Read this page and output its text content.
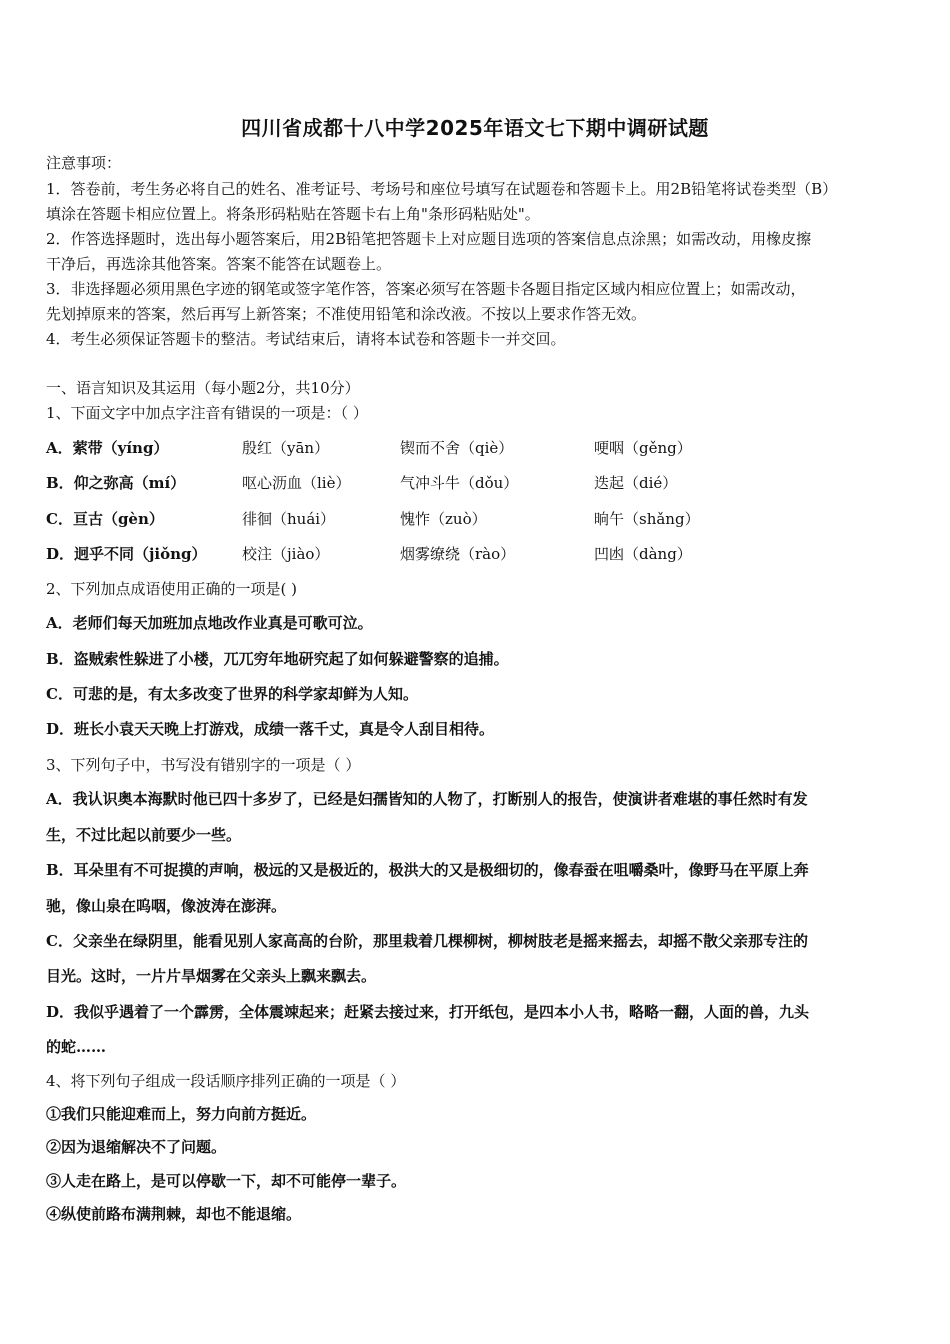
四川省成都十八中学2025年语文七下期中调研试题
注意事项：
1．答卷前，考生务必将自己的姓名、准考证号、考场号和座位号填写在试题卷和答题卡上。用2B铅笔将试卷类型（B）
填涂在答题卡相应位置上。将条形码粘贴在答题卡右上角"条形码粘贴处"。
2．作答选择题时，选出每小题答案后，用2B铅笔把答题卡上对应题目选项的答案信息点涂黑；如需改动，用橡皮擦
干净后，再选涂其他答案。答案不能答在试题卷上。
3．非选择题必须用黑色字迹的钢笔或签字笔作答，答案必须写在答题卡各题目指定区域内相应位置上；如需改动，
先划掉原来的答案，然后再写上新答案；不准使用铅笔和涂改液。不按以上要求作答无效。
4．考生必须保证答题卡的整洁。考试结束后，请将本试卷和答题卡一并交回。
一、语言知识及其运用（每小题2分，共10分）
1、下面文字中加点字注音有错误的一项是：（ ）
A．萦带（yíng）	殷红（yān）	锲而不舍（qiè）	哽咽（gěng）
B．仰之弥高（mí）	呕心沥血（liè）	气冲斗牛（dǒu）	迭起（dié）
C．亘古（gèn）	徘徊（huái）	愧怍（zuò）	晌午（shǎng）
D．迥乎不同（jiǒng） 校注（jiào）	烟雾缭绕（rào）	凹凼（dàng）
2、下列加点成语使用正确的一项是( )
A．老师们每天加班加点地改作业真是可歌可泣。
B．盗贼索性躲进了小楼，兀兀穷年地研究起了如何躲避警察的追捕。
C．可悲的是，有太多改变了世界的科学家却鲜为人知。
D．班长小袁天天晚上打游戏，成绩一落千丈，真是令人刮目相待。
3、下列句子中，书写没有错别字的一项是（ ）
A．我认识奥本海默时他已四十多岁了，已经是妇孺皆知的人物了，打断别人的报告，使演讲者难堪的事任然时有发
生，不过比起以前要少一些。
B．耳朵里有不可捉摸的声响，极远的又是极近的，极洪大的又是极细切的，像春蚕在咀嚼桑叶，像野马在平原上奔
驰，像山泉在呜咽，像波涛在澎湃。
C．父亲坐在绿阴里，能看见别人家高高的台阶，那里栽着几棵柳树，柳树肢老是摇来摇去，却摇不散父亲那专注的
目光。这时，一片片旱烟雾在父亲头上飘来飘去。
D．我似乎遇着了一个霹雳，全体震竦起来；赶紧去接过来，打开纸包，是四本小人书，略略一翻，人面的兽，九头
的蛇……
4、将下列句子组成一段话顺序排列正确的一项是（ ）
①我们只能迎难而上，努力向前方挺近。
②因为退缩解决不了问题。
③人走在路上，是可以停歇一下，却不可能停一辈子。
④纵使前路布满荆棘，却也不能退缩。
